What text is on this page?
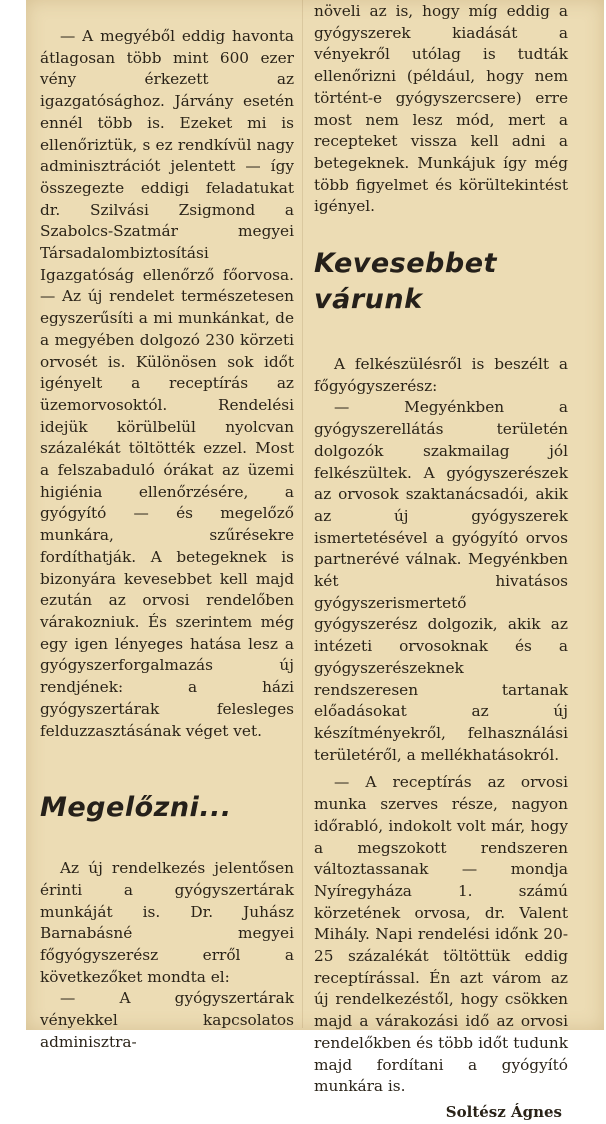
— A megyéből eddig havonta átlagosan több mint 600 ezer vény érkezett az igazgatósághoz. Járvány esetén ennél több is. Ezeket mi is ellenőriztük, s ez rendkívül nagy adminisztrációt jelentett — így összegezte eddigi feladatukat dr. Szilvási Zsigmond a Szabolcs-Szatmár megyei Társadalombiztosítási Igazgatóság ellenőrző főorvosa. — Az új rendelet természetesen egyszerűsíti a mi munkánkat, de a megyében dolgozó 230 körzeti orvosét is. Különösen sok időt igényelt a receptírás az üzemorvosoktól. Rendelési idejük körülbelül nyolcvan százalékát töltötték ezzel. Most a felszabaduló órákat az üzemi higiénia ellenőrzésére, a gyógyító — és megelőző munkára, szűrésekre fordíthatják. A betegeknek is bizonyára kevesebbet kell majd ezután az orvosi rendelőben várakozniuk. És szerintem még egy igen lényeges hatása lesz a gyógyszerforgalmazás új rendjének: a házi gyógyszertárak felesleges felduzzasztásának véget vet.

Megelőzni...

Az új rendelkezés jelentősen érinti a gyógyszertárak munkáját is. Dr. Juhász Barnabásné megyei főgyógyszerész erről a következőket mondta el:

— A gyógyszertárak vényekkel kapcsolatos adminisztra-

növeli az is, hogy míg eddig a gyógyszerek kiadását a vényekről utólag is tudták ellenőrizni (például, hogy nem történt-e gyógyszercsere) erre most nem lesz mód, mert a recepteket vissza kell adni a betegeknek. Munkájuk így még több figyelmet és körültekintést igényel.

Kevesebbet várunk

A felkészülésről is beszélt a főgyógyszerész:

— Megyénkben a gyógyszerellátás területén dolgozók szakmailag jól felkészültek. A gyógyszerészek az orvosok szaktanácsadói, akik az új gyógyszerek ismertetésével a gyógyító orvos partnerévé válnak. Megyénkben két hivatásos gyógyszerismertető gyógyszerész dolgozik, akik az intézeti orvosoknak és a gyógyszerészeknek rendszeresen tartanak előadásokat az új készítményekről, felhasználási területéről, a mellékhatásokról.

— A receptírás az orvosi munka szerves része, nagyon időrabló, indokolt volt már, hogy a megszokott rendszeren változtassanak — mondja Nyíregyháza 1. számú körzetének orvosa, dr. Valent Mihály. Napi rendelési időnk 20-25 százalékát töltöttük eddig receptírással. Én azt várom az új rendelkezéstől, hogy csökken majd a várakozási idő az orvosi rendelőkben és több időt tudunk majd fordítani a gyógyító munkára is.

Soltész Ágnes
